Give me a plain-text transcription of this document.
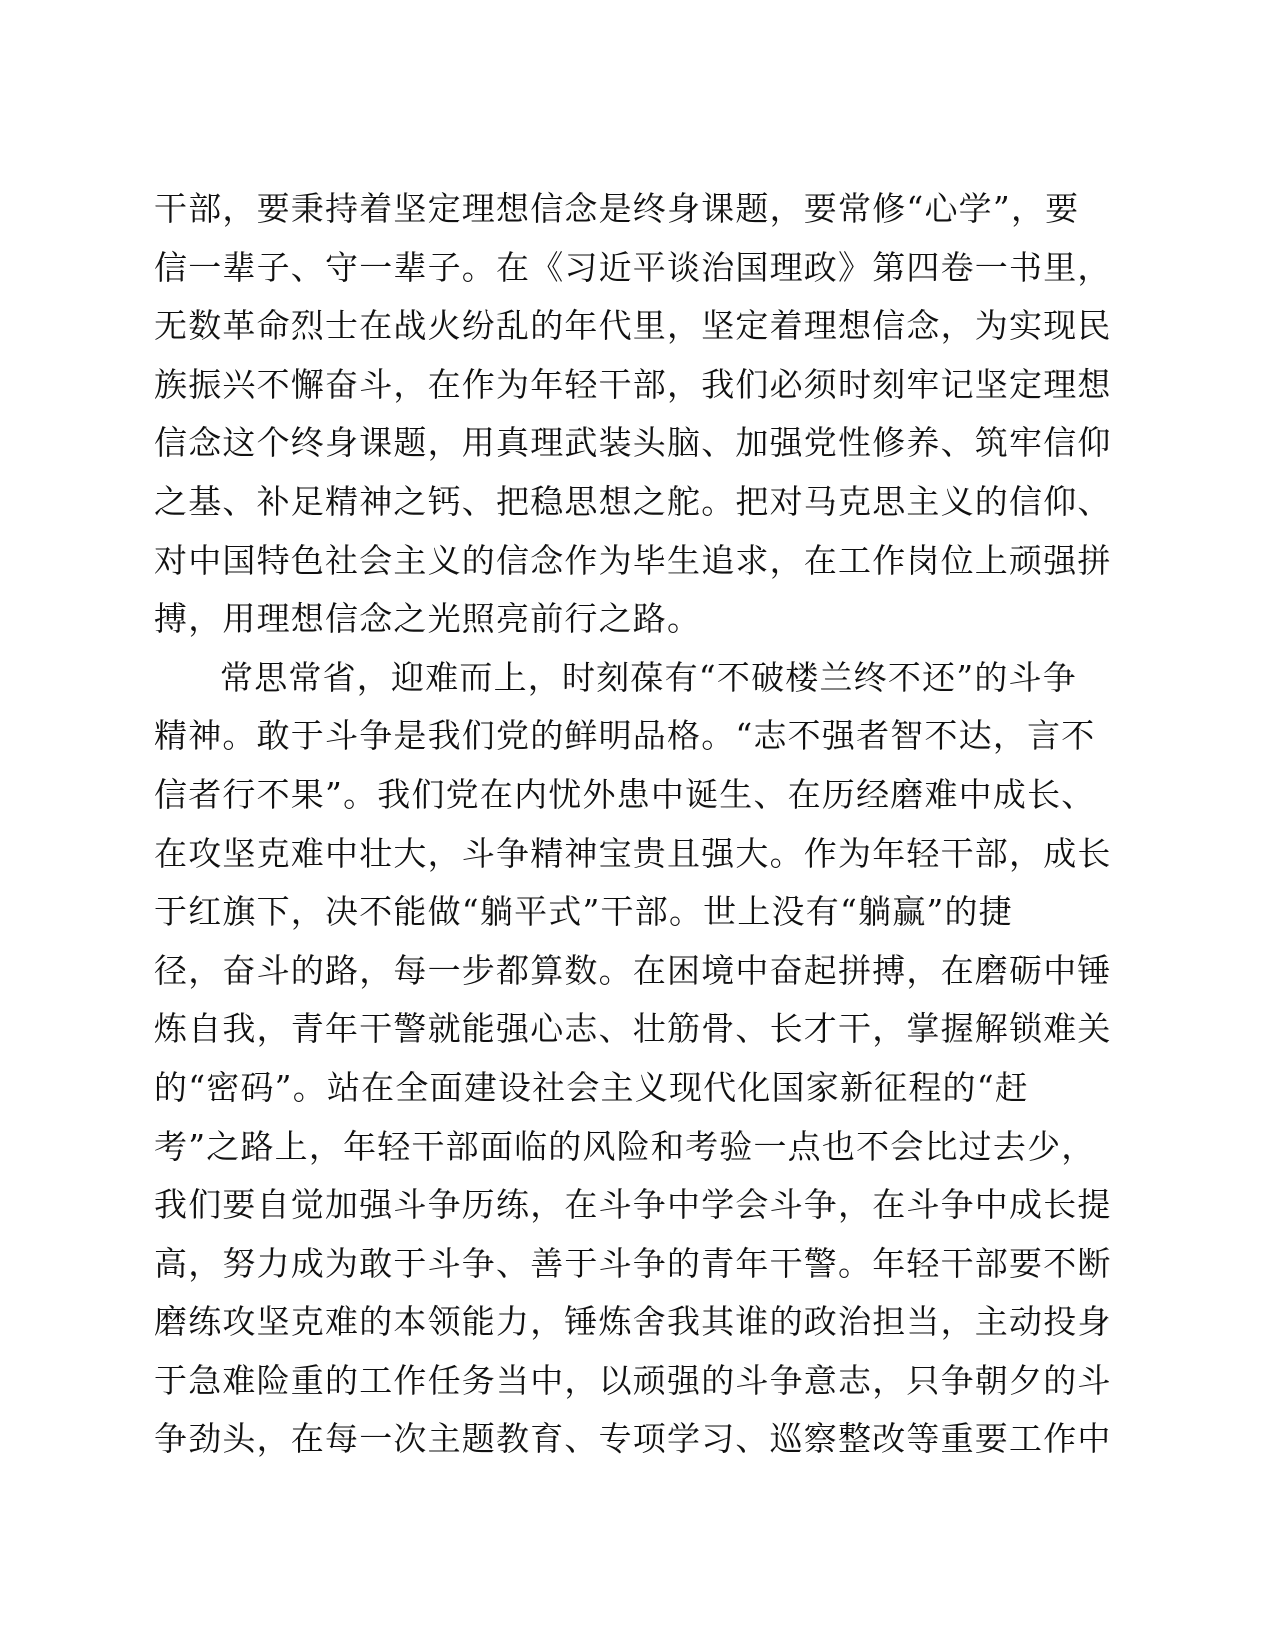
干部，要秉持着坚定理想信念是终身课题，要常修“心学”，要
信一辈子、守一辈子。在《习近平谈治国理政》第四卷一书里，
无数革命烈士在战火纷乱的年代里，坚定着理想信念，为实现民
族振兴不懈奋斗，在作为年轻干部，我们必须时刻牢记坚定理想
信念这个终身课题，用真理武装头脑、加强党性修养、筑牢信仰
之基、补足精神之钙、把稳思想之舵。把对马克思主义的信仰、
对中国特色社会主义的信念作为毕生追求，在工作岗位上顽强拼
搏，用理想信念之光照亮前行之路。
常思常省，迎难而上，时刻葆有“不破楼兰终不还”的斗争
精神。敢于斗争是我们党的鲜明品格。“志不强者智不达，言不
信者行不果”。我们党在内忧外患中诞生、在历经磨难中成长、
在攻坚克难中壮大，斗争精神宝贵且强大。作为年轻干部，成长
于红旗下，决不能做“躺平式”干部。世上没有“躺赢”的捷
径，奋斗的路，每一步都算数。在困境中奋起拼搏，在磨砺中锤
炼自我，青年干警就能强心志、壮筋骨、长才干，掌握解锁难关
的“密码”。站在全面建设社会主义现代化国家新征程的“赶
考”之路上，年轻干部面临的风险和考验一点也不会比过去少，
我们要自觉加强斗争历练，在斗争中学会斗争，在斗争中成长提
高，努力成为敢于斗争、善于斗争的青年干警。年轻干部要不断
磨练攻坚克难的本领能力，锤炼舍我其谁的政治担当，主动投身
于急难险重的工作任务当中，以顽强的斗争意志，只争朝夕的斗
争劲头，在每一次主题教育、专项学习、巡察整改等重要工作中
